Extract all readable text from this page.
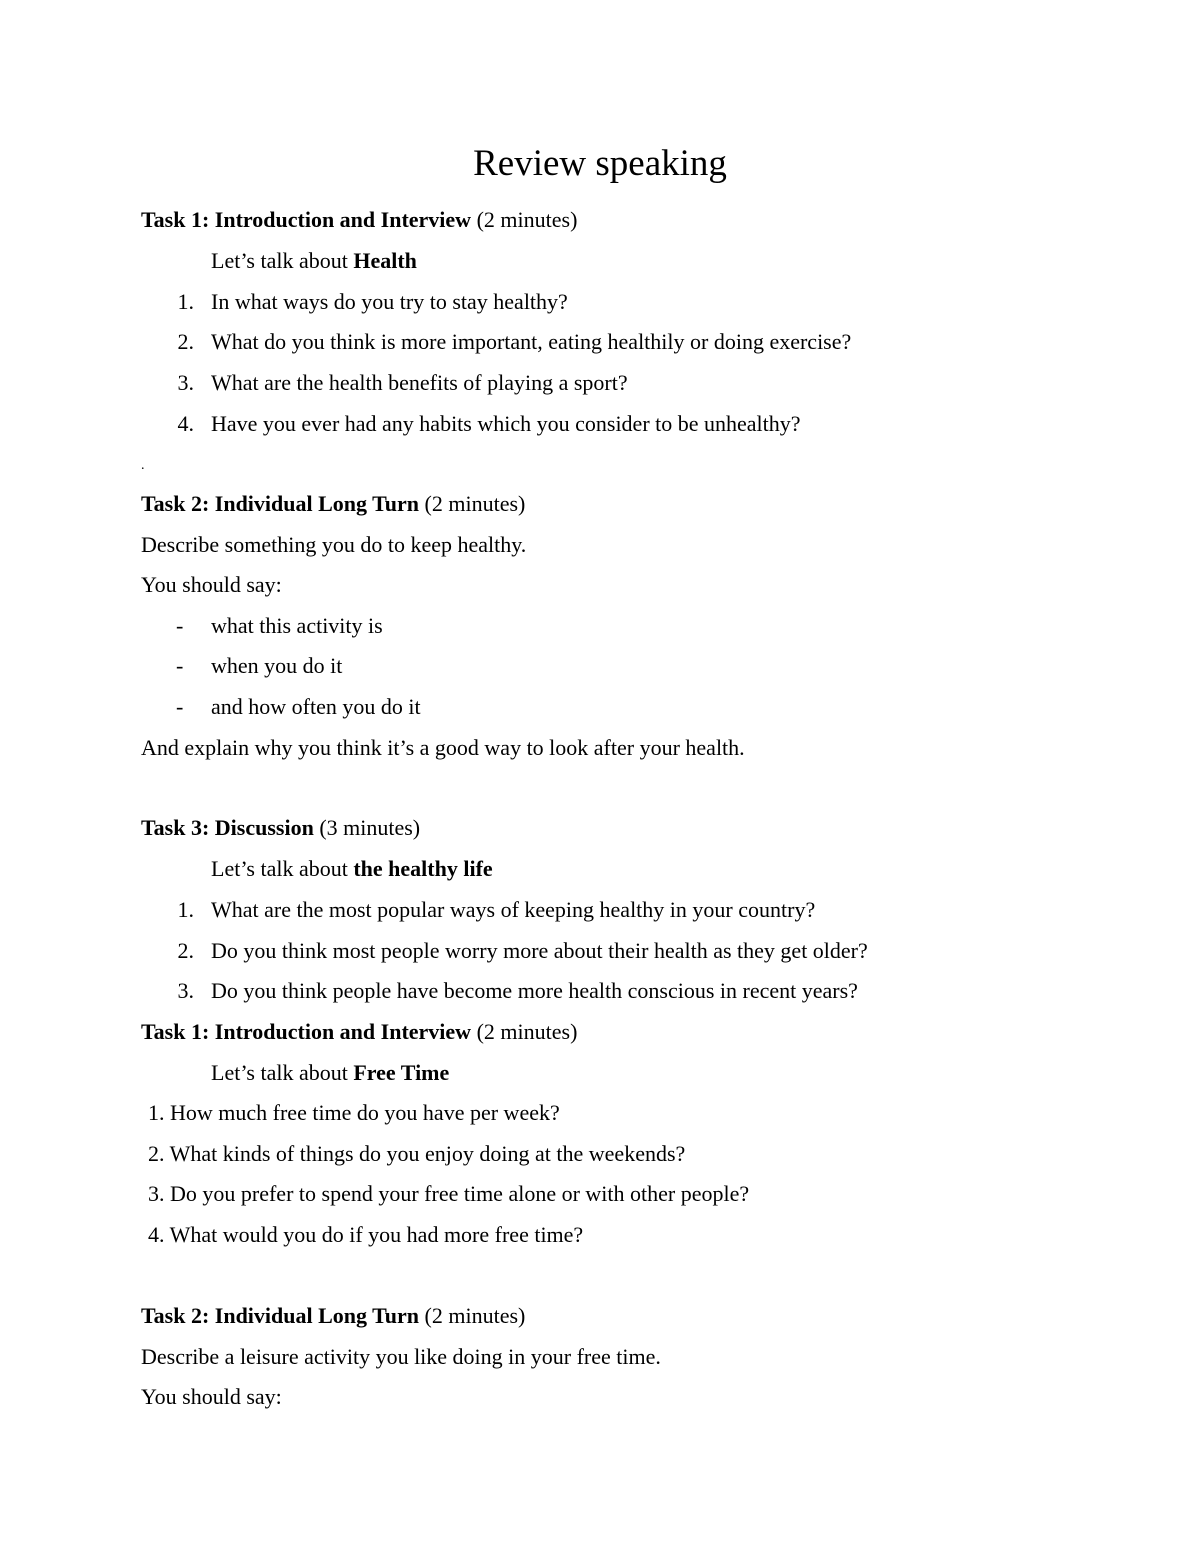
Review speaking
Task 1: Introduction and Interview (2 minutes)
Let’s talk about Health
1. In what ways do you try to stay healthy?
2. What do you think is more important, eating healthily or doing exercise?
3. What are the health benefits of playing a sport?
4. Have you ever had any habits which you consider to be unhealthy?
.
Task 2: Individual Long Turn (2 minutes)
Describe something you do to keep healthy.
You should say:
- what this activity is
- when you do it
- and how often you do it
And explain why you think it’s a good way to look after your health.
Task 3: Discussion (3 minutes)
Let’s talk about the healthy life
1. What are the most popular ways of keeping healthy in your country?
2. Do you think most people worry more about their health as they get older?
3. Do you think people have become more health conscious in recent years?
Task 1: Introduction and Interview (2 minutes)
Let’s talk about Free Time
1. How much free time do you have per week?
2. What kinds of things do you enjoy doing at the weekends?
3. Do you prefer to spend your free time alone or with other people?
4. What would you do if you had more free time?
Task 2: Individual Long Turn (2 minutes)
Describe a leisure activity you like doing in your free time.
You should say:
